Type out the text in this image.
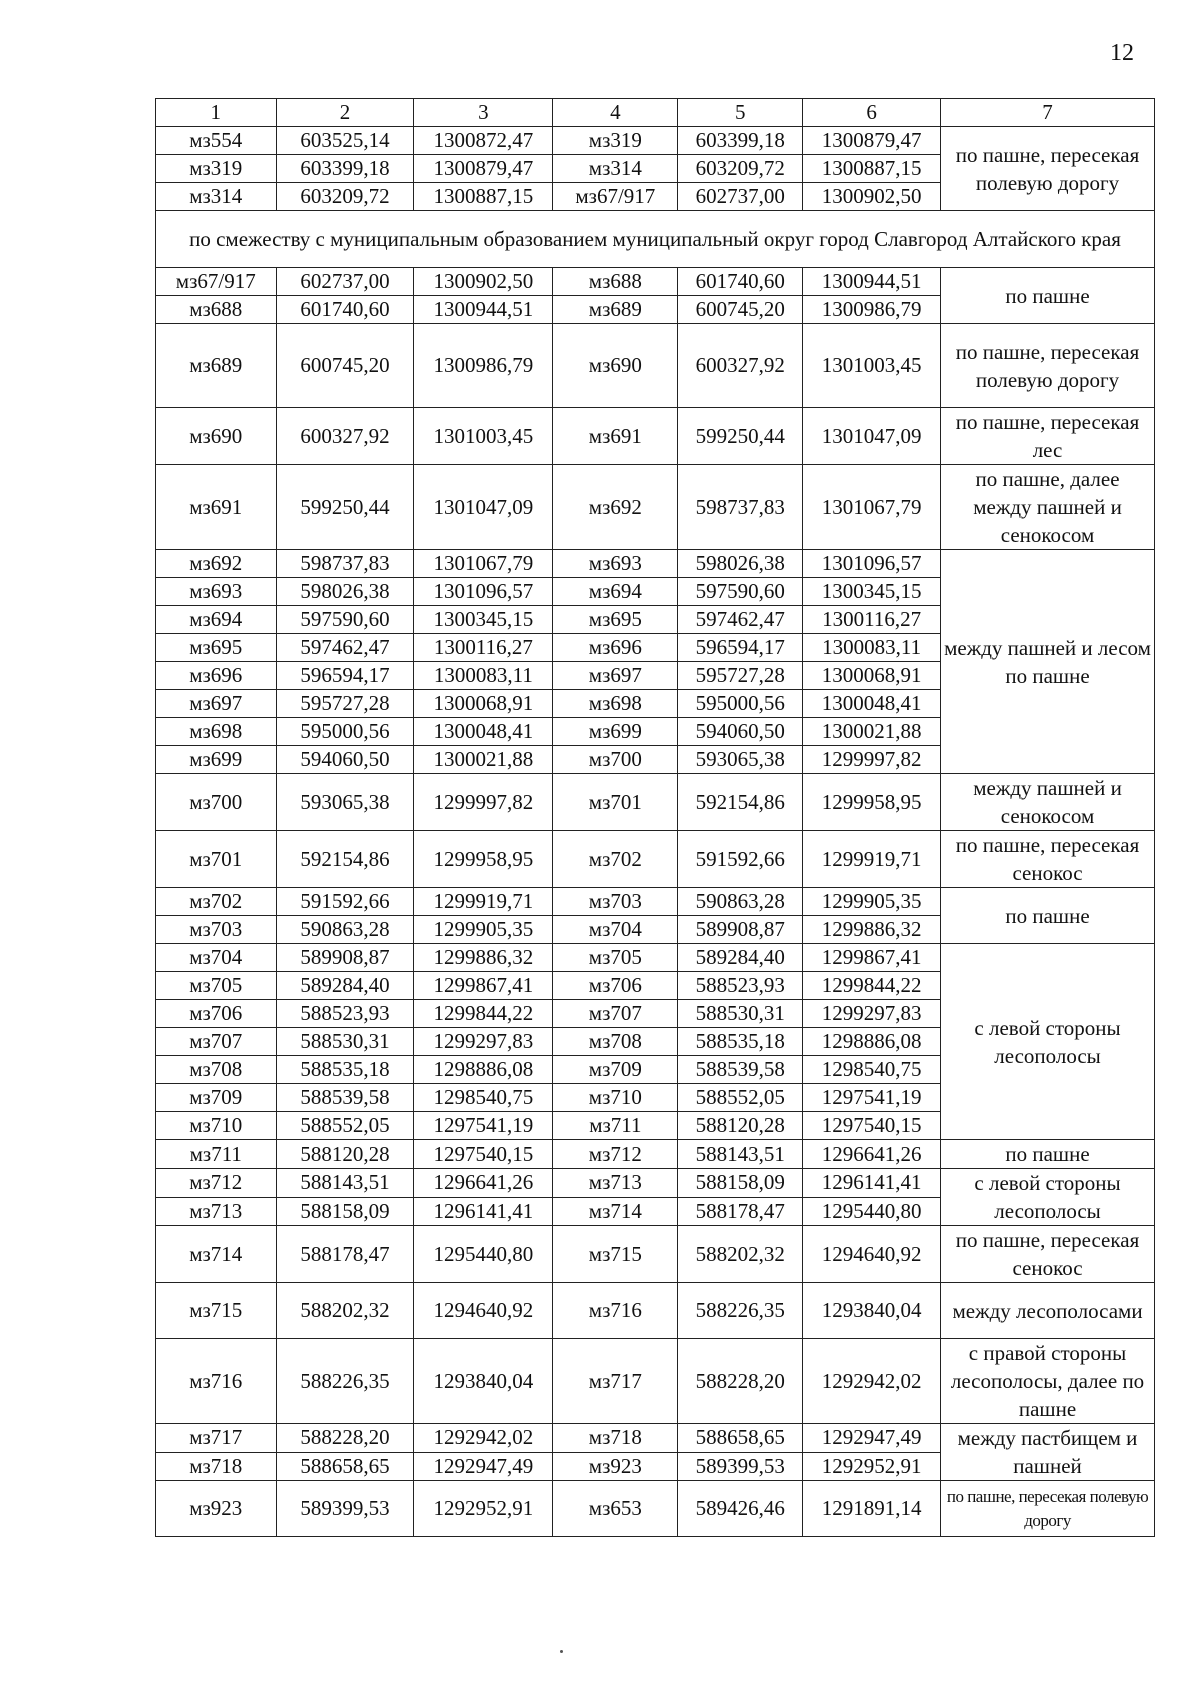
12
1	2	3	4	5	6	7
мз554	603525,14	1300872,47	мз319	603399,18	1300879,47	по пашне, пересекая полевую дорогу
мз319	603399,18	1300879,47	мз314	603209,72	1300887,15	
мз314	603209,72	1300887,15	мз67/917	602737,00	1300902,50	
по смежеству с муниципальным образованием муниципальный округ город Славгород Алтайского края						
мз67/917	602737,00	1300902,50	мз688	601740,60	1300944,51	по пашне
мз688	601740,60	1300944,51	мз689	600745,20	1300986,79	
мз689	600745,20	1300986,79	мз690	600327,92	1301003,45	по пашне, пересекая полевую дорогу
мз690	600327,92	1301003,45	мз691	599250,44	1301047,09	по пашне, пересекая лес
мз691	599250,44	1301047,09	мз692	598737,83	1301067,79	по пашне, далее между пашней и сенокосом
мз692	598737,83	1301067,79	мз693	598026,38	1301096,57	между пашней и лесом по пашне
мз693	598026,38	1301096,57	мз694	597590,60	1300345,15	
мз694	597590,60	1300345,15	мз695	597462,47	1300116,27	
мз695	597462,47	1300116,27	мз696	596594,17	1300083,11	
мз696	596594,17	1300083,11	мз697	595727,28	1300068,91	
мз697	595727,28	1300068,91	мз698	595000,56	1300048,41	
мз698	595000,56	1300048,41	мз699	594060,50	1300021,88	
мз699	594060,50	1300021,88	мз700	593065,38	1299997,82	
мз700	593065,38	1299997,82	мз701	592154,86	1299958,95	между пашней и сенокосом
мз701	592154,86	1299958,95	мз702	591592,66	1299919,71	по пашне, пересекая сенокос
мз702	591592,66	1299919,71	мз703	590863,28	1299905,35	по пашне
мз703	590863,28	1299905,35	мз704	589908,87	1299886,32	
мз704	589908,87	1299886,32	мз705	589284,40	1299867,41	с левой стороны лесополосы
мз705	589284,40	1299867,41	мз706	588523,93	1299844,22	
мз706	588523,93	1299844,22	мз707	588530,31	1299297,83	
мз707	588530,31	1299297,83	мз708	588535,18	1298886,08	
мз708	588535,18	1298886,08	мз709	588539,58	1298540,75	
мз709	588539,58	1298540,75	мз710	588552,05	1297541,19	
мз710	588552,05	1297541,19	мз711	588120,28	1297540,15	
мз711	588120,28	1297540,15	мз712	588143,51	1296641,26	по пашне
мз712	588143,51	1296641,26	мз713	588158,09	1296141,41	с левой стороны лесополосы
мз713	588158,09	1296141,41	мз714	588178,47	1295440,80	
мз714	588178,47	1295440,80	мз715	588202,32	1294640,92	по пашне, пересекая сенокос
мз715	588202,32	1294640,92	мз716	588226,35	1293840,04	между лесополосами
мз716	588226,35	1293840,04	мз717	588228,20	1292942,02	с правой стороны лесополосы, далее по пашне
мз717	588228,20	1292942,02	мз718	588658,65	1292947,49	между пастбищем и пашней
мз718	588658,65	1292947,49	мз923	589399,53	1292952,91	
мз923	589399,53	1292952,91	мз653	589426,46	1291891,14	по пашне, пересекая полевую дорогу
